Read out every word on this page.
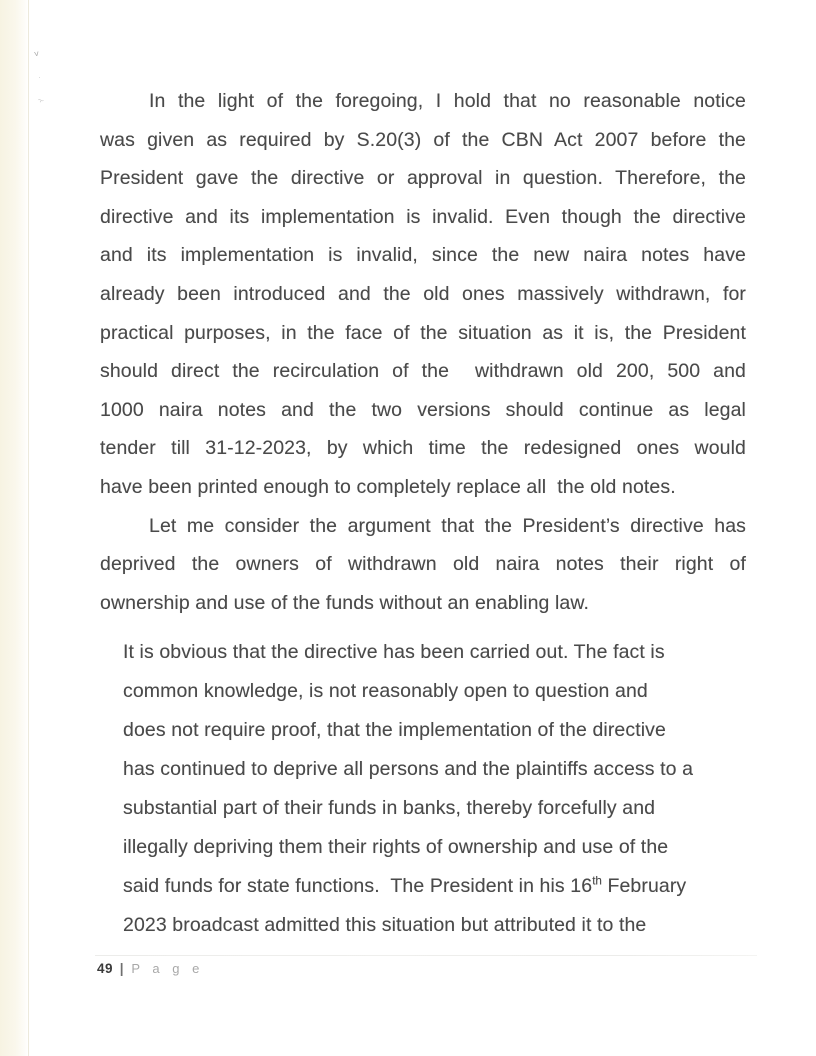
˅
·
⸟	In the light of the foregoing, I hold that no reasonable notice
was given as required by S.20(3) of the CBN Act 2007 before the
President gave the directive or approval in question. Therefore, the
directive and its implementation is invalid. Even though the directive
and its implementation is invalid, since the new naira notes have
already been introduced and the old ones massively withdrawn, for
practical purposes, in the face of the situation as it is, the President
should direct the recirculation of the  withdrawn old 200, 500 and
1000 naira notes and the two versions should continue as legal
tender till 31-12-2023, by which time the redesigned ones would
have been printed enough to completely replace all  the old notes.
Let me consider the argument that the President’s directive has
deprived the owners of withdrawn old naira notes their right of
ownership and use of the funds without an enabling law.
It is obvious that the directive has been carried out. The fact is
common knowledge, is not reasonably open to question and
does not require proof, that the implementation of the directive
has continued to deprive all persons and the plaintiffs access to a
substantial part of their funds in banks, thereby forcefully and
illegally depriving them their rights of ownership and use of the
said funds for state functions.  The President in his 16th February
2023 broadcast admitted this situation but attributed it to the
49 | P a g e
